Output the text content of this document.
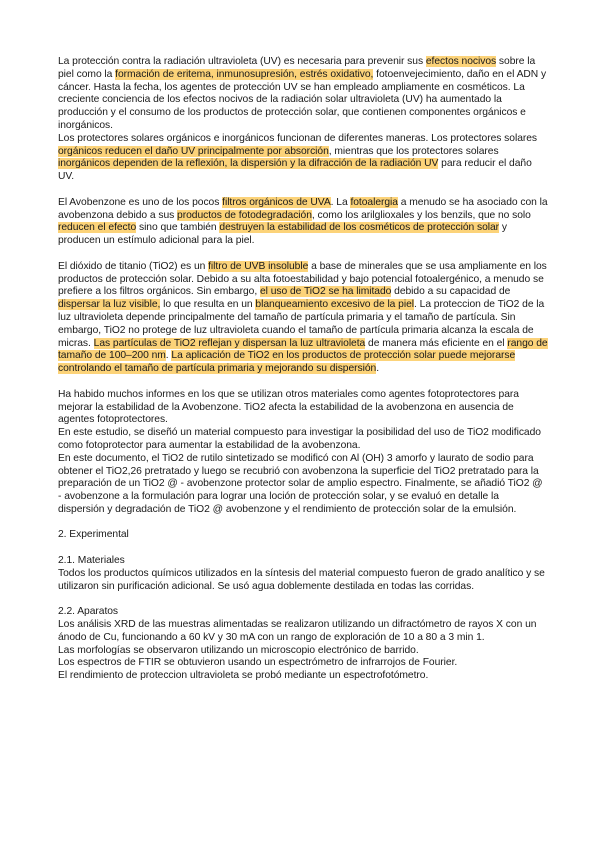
La protección contra la radiación ultravioleta (UV) es necesaria para prevenir sus efectos nocivos sobre la piel como la formación de eritema, inmunosupresión, estrés oxidativo, fotoenvejecimiento, daño en el ADN y cáncer. Hasta la fecha, los agentes de protección UV se han empleado ampliamente en cosméticos. La creciente conciencia de los efectos nocivos de la radiación solar ultravioleta (UV) ha aumentado la producción y el consumo de los productos de protección solar, que contienen componentes orgánicos e inorgánicos.

Los protectores solares orgánicos e inorgánicos funcionan de diferentes maneras. Los protectores solares orgánicos reducen el daño UV principalmente por absorción, mientras que los protectores solares inorgánicos dependen de la reflexión, la dispersión y la difracción de la radiación UV para reducir el daño UV.

El Avobenzone es uno de los pocos filtros orgánicos de UVA. La fotoalergia a menudo se ha asociado con la avobenzona debido a sus productos de fotodegradación, como los arilglioxales y los benzils, que no solo reducen el efecto sino que también destruyen la estabilidad de los cosméticos de protección solar y producen un estímulo adicional para la piel.

El dióxido de titanio (TiO2) es un filtro de UVB insoluble a base de minerales que se usa ampliamente en los productos de protección solar. Debido a su alta fotoestabilidad y bajo potencial fotoalergénico, a menudo se prefiere a los filtros orgánicos. Sin embargo, el uso de TiO2 se ha limitado debido a su capacidad de dispersar la luz visible, lo que resulta en un blanqueamiento excesivo de la piel. La proteccion de TiO2 de la luz ultravioleta depende principalmente del tamaño de partícula primaria y el tamaño de partícula. Sin embargo, TiO2 no protege de luz ultravioleta cuando el tamaño de partícula primaria alcanza la escala de micras. Las partículas de TiO2 reflejan y dispersan la luz ultravioleta de manera más eficiente en el rango de tamaño de 100–200 nm. La aplicación de TiO2 en los productos de protección solar puede mejorarse controlando el tamaño de partícula primaria y mejorando su dispersión.

Ha habido muchos informes en los que se utilizan otros materiales como agentes fotoprotectores para mejorar la estabilidad de la Avobenzone. TiO2 afecta la estabilidad de la avobenzona en ausencia de agentes fotoprotectores.

En este estudio, se diseñó un material compuesto para investigar la posibilidad del uso de TiO2 modificado como fotoprotector para aumentar la estabilidad de la avobenzona.

En este documento, el TiO2 de rutilo sintetizado se modificó con Al (OH) 3 amorfo y laurato de sodio para obtener el TiO2,26 pretratado y luego se recubrió con avobenzona la superficie del TiO2 pretratado para la preparación de un TiO2 @ - avobenzone protector solar de amplio espectro. Finalmente, se añadió TiO2 @ - avobenzone a la formulación para lograr una loción de protección solar, y se evaluó en detalle la dispersión y degradación de TiO2 @ avobenzone y el rendimiento de protección solar de la emulsión.

2. Experimental

2.1. Materiales

Todos los productos químicos utilizados en la síntesis del material compuesto fueron de grado analítico y se utilizaron sin purificación adicional. Se usó agua doblemente destilada en todas las corridas.

2.2. Aparatos

Los análisis XRD de las muestras alimentadas se realizaron utilizando un difractómetro de rayos X con un ánodo de Cu, funcionando a 60 kV y 30 mA con un rango de exploración de 10 a 80 a 3 min 1.

Las morfologías se observaron utilizando un microscopio electrónico de barrido.

Los espectros de FTIR se obtuvieron usando un espectrómetro de infrarrojos de Fourier.

El rendimiento de proteccion ultravioleta se probó mediante un espectrofotómetro.
